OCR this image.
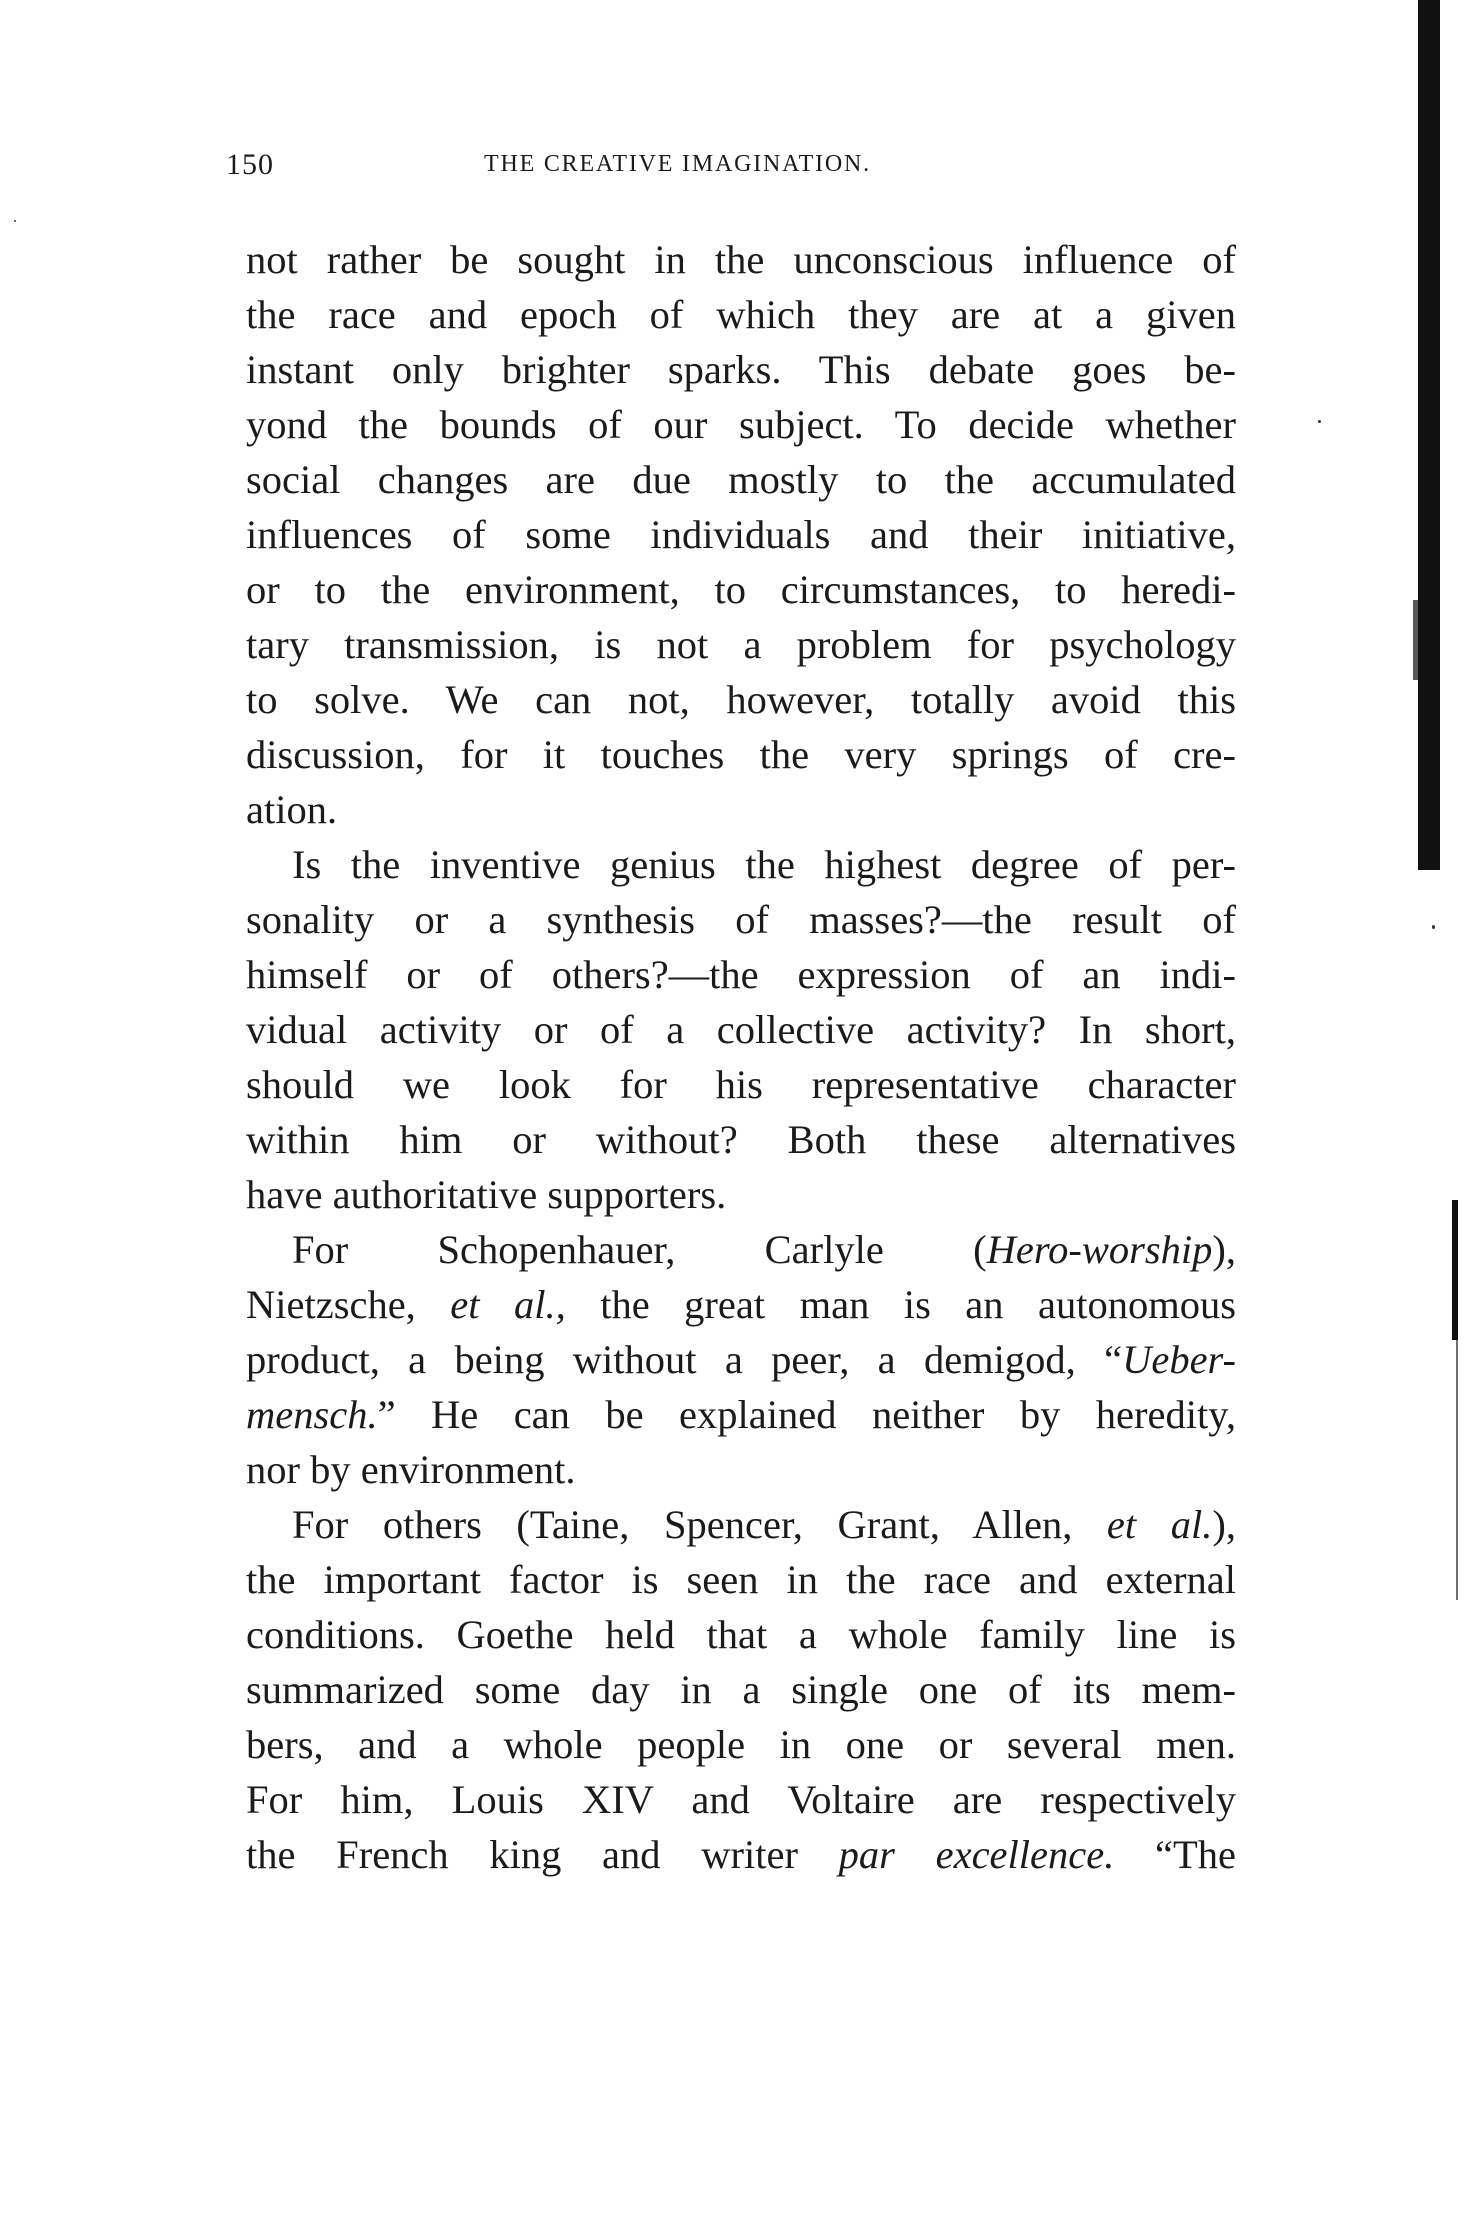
150	THE CREATIVE IMAGINATION.
not rather be sought in the unconscious influence of
the race and epoch of which they are at a given
instant only brighter sparks. This debate goes be-
yond the bounds of our subject. To decide whether
social changes are due mostly to the accumulated
influences of some individuals and their initiative,
or to the environment, to circumstances, to heredi-
tary transmission, is not a problem for psychology
to solve. We can not, however, totally avoid this
discussion, for it touches the very springs of cre-
ation.
Is the inventive genius the highest degree of per-
sonality or a synthesis of masses?—the result of
himself or of others?—the expression of an indi-
vidual activity or of a collective activity? In short,
should we look for his representative character
within him or without? Both these alternatives
have authoritative supporters.
For Schopenhauer, Carlyle (Hero-worship),
Nietzsche, et al., the great man is an autonomous
product, a being without a peer, a demigod, “Ueber-
mensch.” He can be explained neither by heredity,
nor by environment.
For others (Taine, Spencer, Grant, Allen, et al.),
the important factor is seen in the race and external
conditions. Goethe held that a whole family line is
summarized some day in a single one of its mem-
bers, and a whole people in one or several men.
For him, Louis XIV and Voltaire are respectively
the French king and writer par excellence. “The
